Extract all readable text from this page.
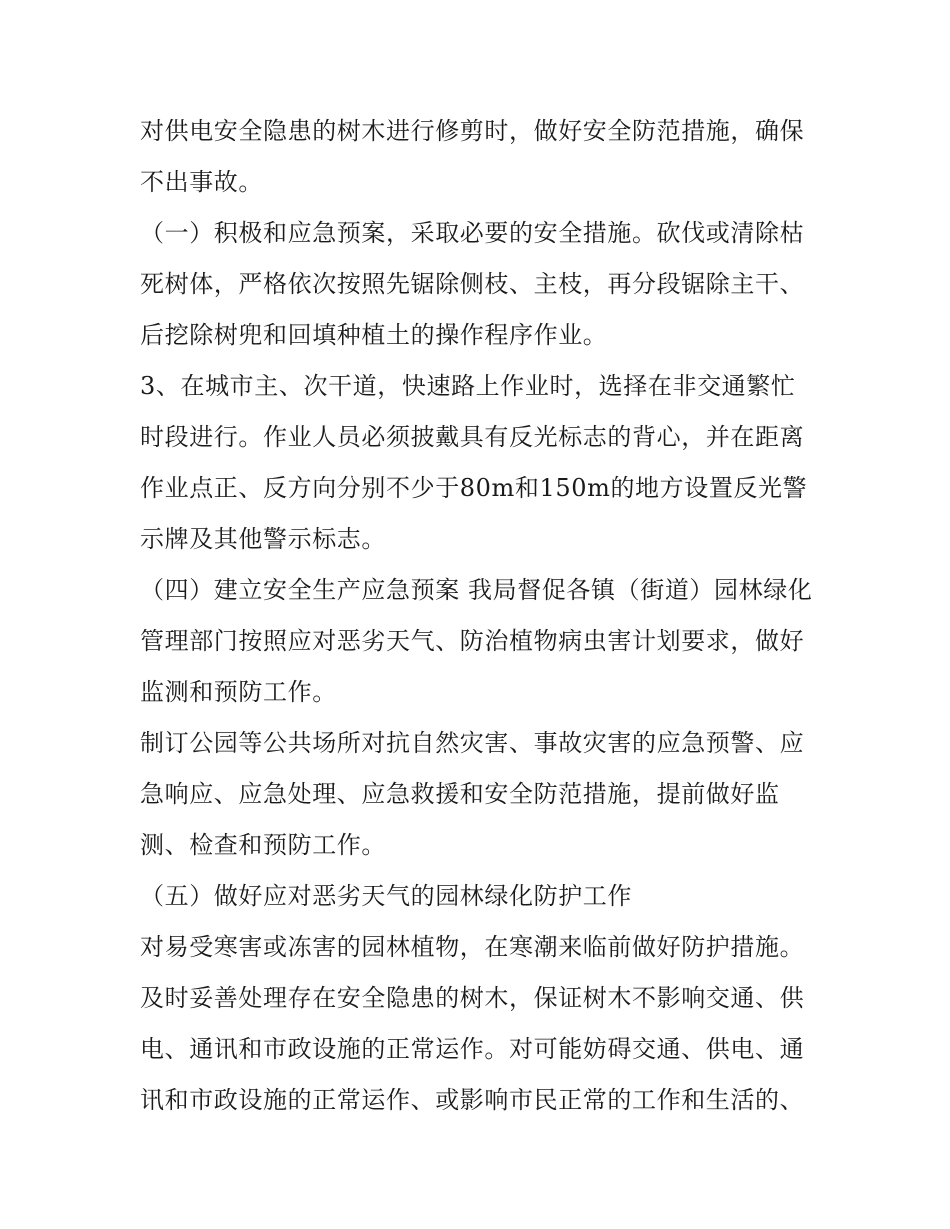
对供电安全隐患的树木进行修剪时，做好安全防范措施，确保不出事故。

（一）积极和应急预案，采取必要的安全措施。砍伐或清除枯死树体，严格依次按照先锯除侧枝、主枝，再分段锯除主干、后挖除树兜和回填种植土的操作程序作业。

3、在城市主、次干道，快速路上作业时，选择在非交通繁忙时段进行。作业人员必须披戴具有反光标志的背心，并在距离作业点正、反方向分别不少于80m和150m的地方设置反光警示牌及其他警示标志。

（四）建立安全生产应急预案 我局督促各镇（街道）园林绿化管理部门按照应对恶劣天气、防治植物病虫害计划要求，做好监测和预防工作。

制订公园等公共场所对抗自然灾害、事故灾害的应急预警、应急响应、应急处理、应急救援和安全防范措施，提前做好监测、检查和预防工作。

（五）做好应对恶劣天气的园林绿化防护工作

对易受寒害或冻害的园林植物，在寒潮来临前做好防护措施。及时妥善处理存在安全隐患的树木，保证树木不影响交通、供电、通讯和市政设施的正常运作。对可能妨碍交通、供电、通讯和市政设施的正常运作、或影响市民正常的工作和生活的、
